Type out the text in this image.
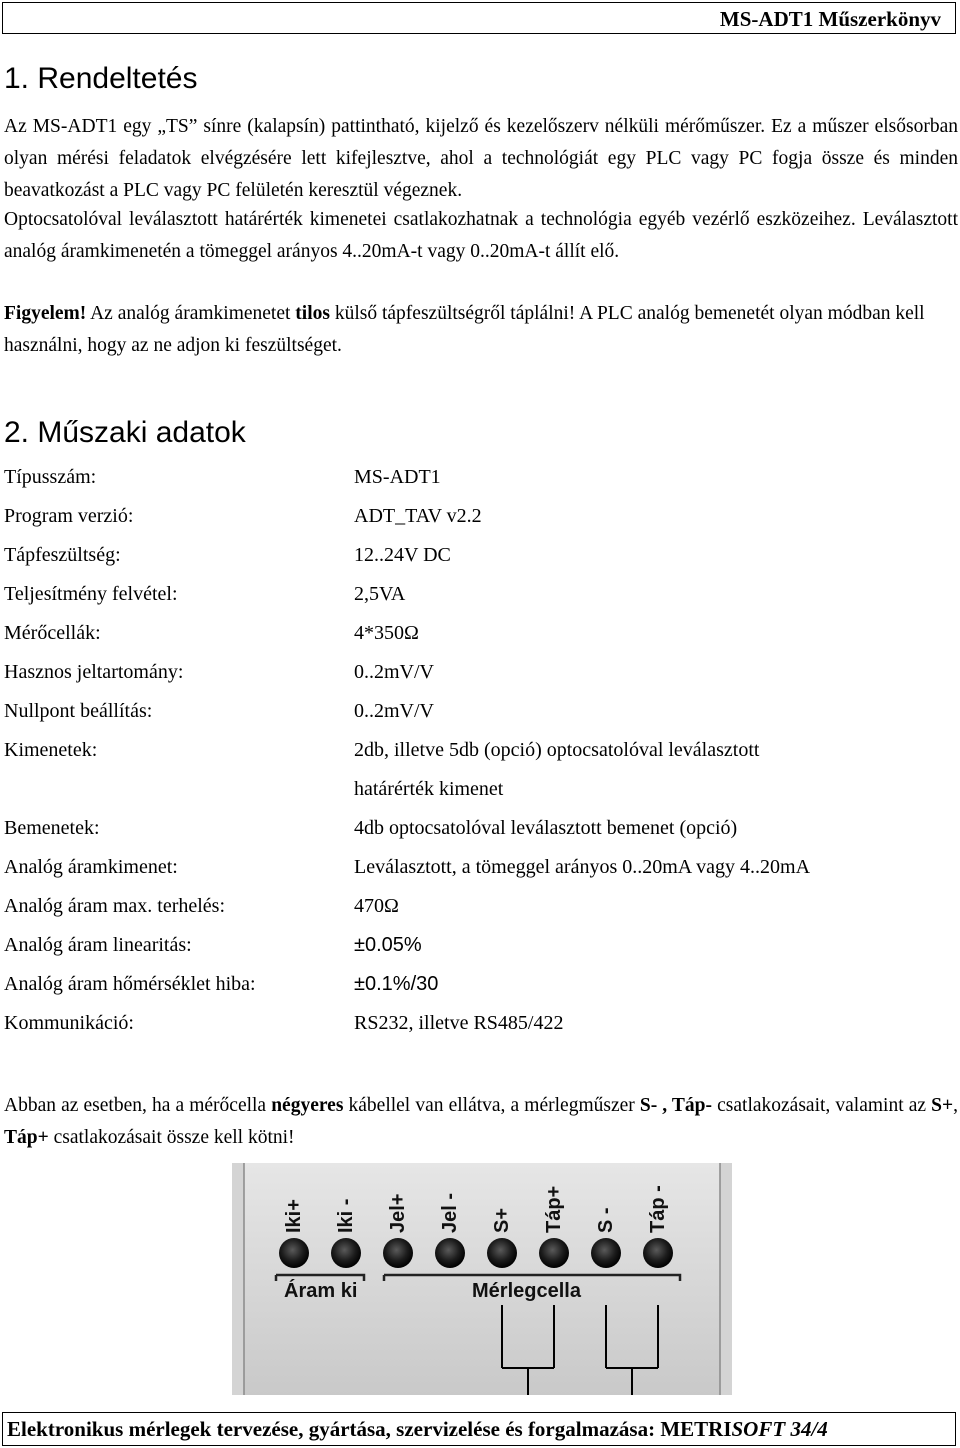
MS-ADT1 Műszerkönyv
1. Rendeltetés

Az MS-ADT1 egy „TS” sínre (kalapsín) pattintható, kijelző és kezelőszerv nélküli mérőműszer. Ez a műszer elsősorban olyan mérési feladatok elvégzésére lett kifejlesztve, ahol a technológiát egy PLC vagy PC fogja össze és minden beavatkozást a PLC vagy PC felületén keresztül végeznek.

Optocsatolóval leválasztott határérték kimenetei csatlakozhatnak a technológia egyéb vezérlő eszközeihez. Leválasztott analóg áramkimenetén a tömeggel arányos 4..20mA-t vagy 0..20mA-t állít elő.

Figyelem! Az analóg áramkimenetet tilos külső tápfeszültségről táplálni! A PLC analóg bemenetét olyan módban kell használni, hogy az ne adjon ki feszültséget.

2. Műszaki adatok
Típusszám:	MS-ADT1
Program verzió:	ADT_TAV v2.2
Tápfeszültség:	12..24V DC
Teljesítmény felvétel:	2,5VA
Mérőcellák:	4*350Ω
Hasznos jeltartomány:	0..2mV/V
Nullpont beállítás:	0..2mV/V
Kimenetek:	2db, illetve 5db (opció) optocsatolóval leválasztott
határérték kimenet
Bemenetek:	4db optocsatolóval leválasztott bemenet (opció)
Analóg áramkimenet:	Leválasztott, a tömeggel arányos 0..20mA vagy 4..20mA
Analóg áram max. terhelés:	470Ω
Analóg áram linearitás:	±0.05%
Analóg áram hőmérséklet hiba:	±0.1%/30
Kommunikáció:	RS232, illetve RS485/422

Abban az esetben, ha a mérőcella négyeres kábellel van ellátva, a mérlegműszer S- , Táp- csatlakozásait, valamint az S+, Táp+ csatlakozásait össze kell kötni!

Iki+ Iki - Jel+ Jel - S+ Táp+ S - Táp -
Áram ki	Mérlegcella
Elektronikus mérlegek tervezése, gyártása, szervizelése és forgalmazása: METRISOFT 34/4
